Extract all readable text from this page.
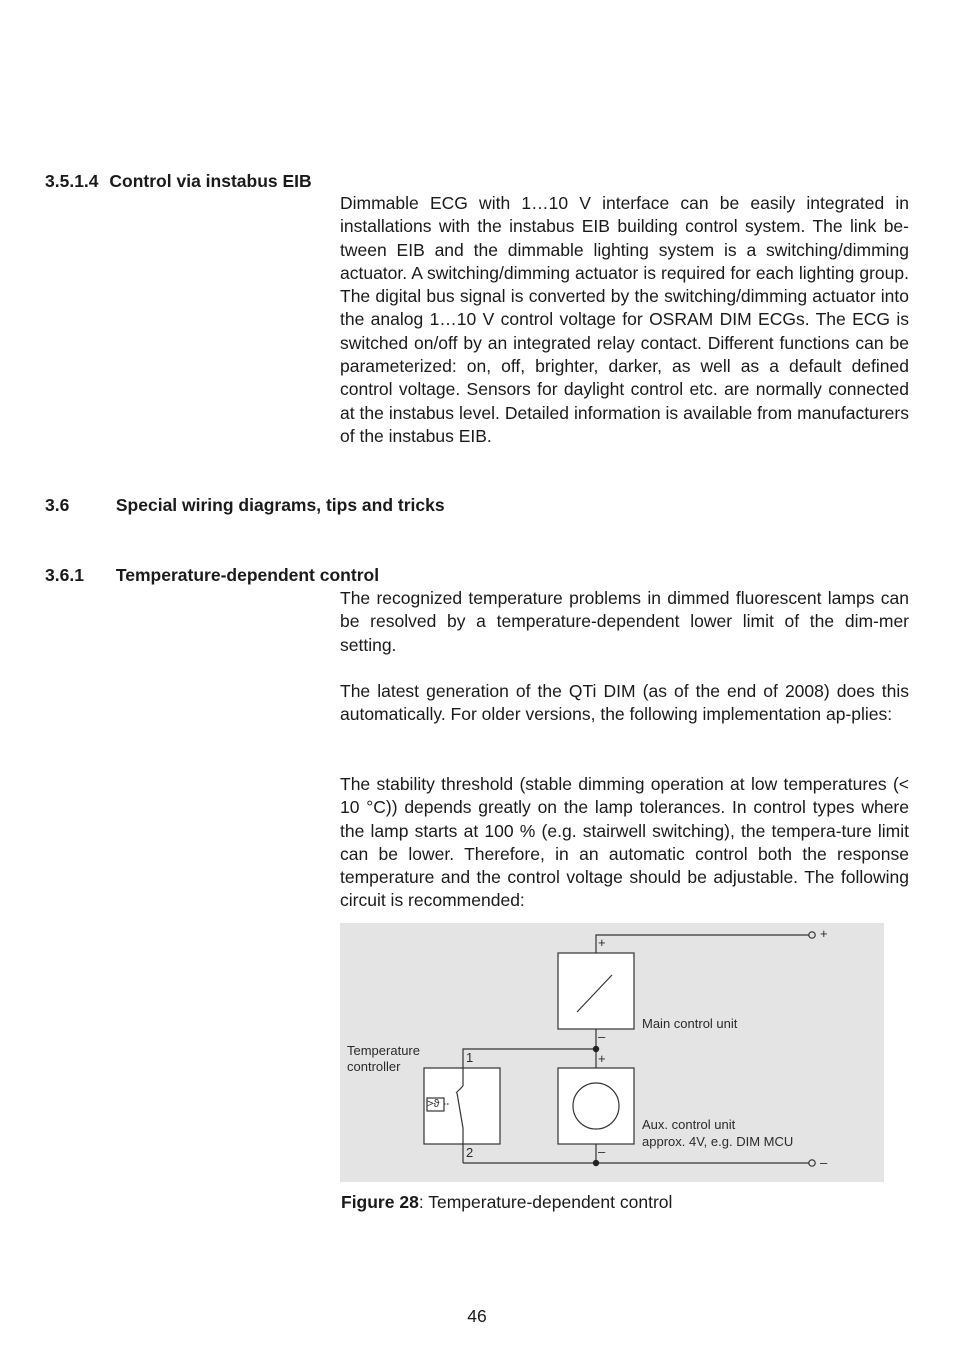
3.5.1.4 Control via instabus EIB

Dimmable ECG with 1…10 V interface can be easily integrated in installations with the instabus EIB building control system. The link be-tween EIB and the dimmable lighting system is a switching/dimming actuator. A switching/dimming actuator is required for each lighting group. The digital bus signal is converted by the switching/dimming actuator into the analog 1…10 V control voltage for OSRAM DIM ECGs. The ECG is switched on/off by an integrated relay contact. Different functions can be parameterized: on, off, brighter, darker, as well as a default defined control voltage. Sensors for daylight control etc. are normally connected at the instabus level. Detailed information is available from manufacturers of the instabus EIB.

3.6	Special wiring diagrams, tips and tricks
3.6.1 Temperature-dependent control

The recognized temperature problems in dimmed fluorescent lamps can be resolved by a temperature-dependent lower limit of the dim-mer setting.

The latest generation of the QTi DIM (as of the end of 2008) does this automatically. For older versions, the following implementation ap-plies:

The stability threshold (stable dimming operation at low temperatures (< 10 °C)) depends greatly on the lamp tolerances. In control types where the lamp starts at 100 % (e.g. stairwell switching), the tempera-ture limit can be lower. Therefore, in an automatic control both the response temperature and the control voltage should be adjustable. The following circuit is recommended:

+
+
–
Main control unit
Temperature
controller
1	+
>ϑ
Aux. control unit
approx. 4V, e.g. DIM MCU
2	–
–
Figure 28: Temperature-dependent control
46
